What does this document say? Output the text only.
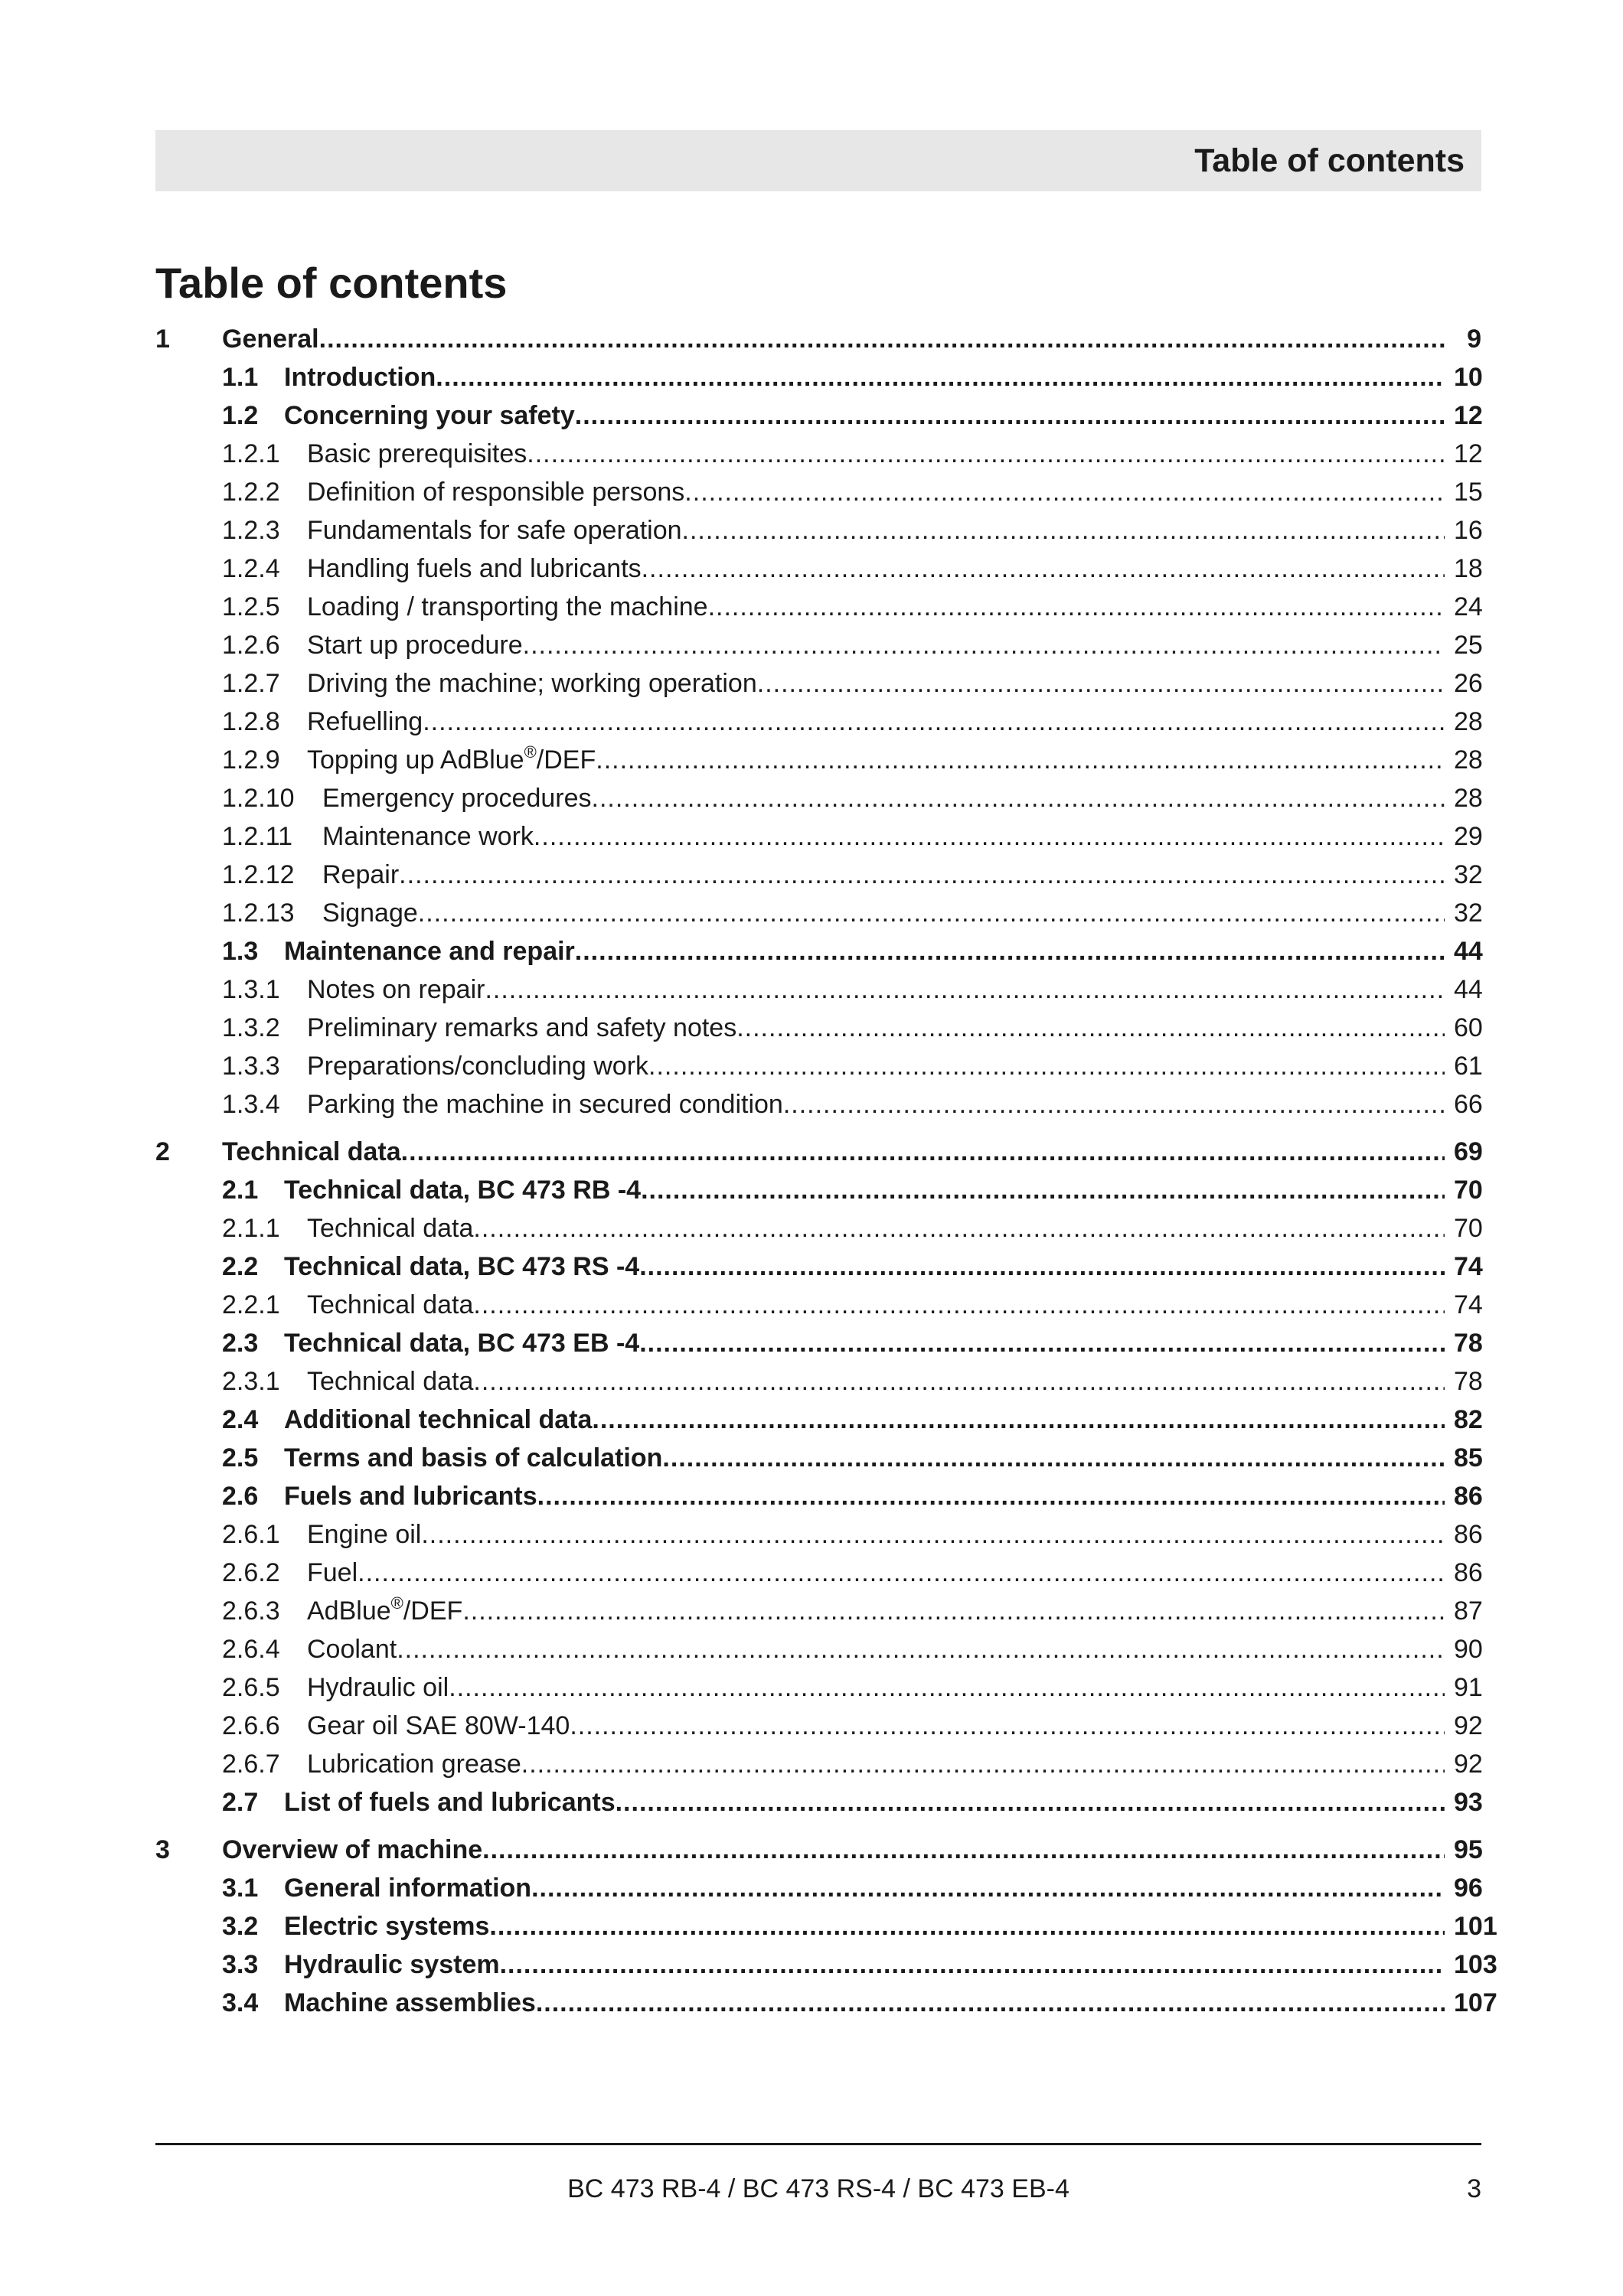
Table of contents
Table of contents
1 General .....	9
1.1 Introduction .....	10
1.2 Concerning your safety .....	12
1.2.1 Basic prerequisites .....	12
1.2.2 Definition of responsible persons .....	15
1.2.3 Fundamentals for safe operation .....	16
1.2.4 Handling fuels and lubricants .....	18
1.2.5 Loading / transporting the machine .....	24
1.2.6 Start up procedure .....	25
1.2.7 Driving the machine; working operation .....	26
1.2.8 Refuelling .....	28
1.2.9 Topping up AdBlue®/DEF .....	28
1.2.10 Emergency procedures .....	28
1.2.11 Maintenance work .....	29
1.2.12 Repair .....	32
1.2.13 Signage .....	32
1.3 Maintenance and repair .....	44
1.3.1 Notes on repair .....	44
1.3.2 Preliminary remarks and safety notes .....	60
1.3.3 Preparations/concluding work .....	61
1.3.4 Parking the machine in secured condition .....	66
2 Technical data .....	69
2.1 Technical data, BC 473 RB -4 .....	70
2.1.1 Technical data .....	70
2.2 Technical data, BC 473 RS -4 .....	74
2.2.1 Technical data .....	74
2.3 Technical data, BC 473 EB -4 .....	78
2.3.1 Technical data .....	78
2.4 Additional technical data .....	82
2.5 Terms and basis of calculation .....	85
2.6 Fuels and lubricants .....	86
2.6.1 Engine oil .....	86
2.6.2 Fuel .....	86
2.6.3 AdBlue®/DEF .....	87
2.6.4 Coolant .....	90
2.6.5 Hydraulic oil .....	91
2.6.6 Gear oil SAE 80W-140 .....	92
2.6.7 Lubrication grease .....	92
2.7 List of fuels and lubricants .....	93
3 Overview of machine .....	95
3.1 General information .....	96
3.2 Electric systems .....	101
3.3 Hydraulic system .....	103
3.4 Machine assemblies .....	107
BC 473 RB-4 / BC 473 RS-4 / BC 473 EB-4	3
